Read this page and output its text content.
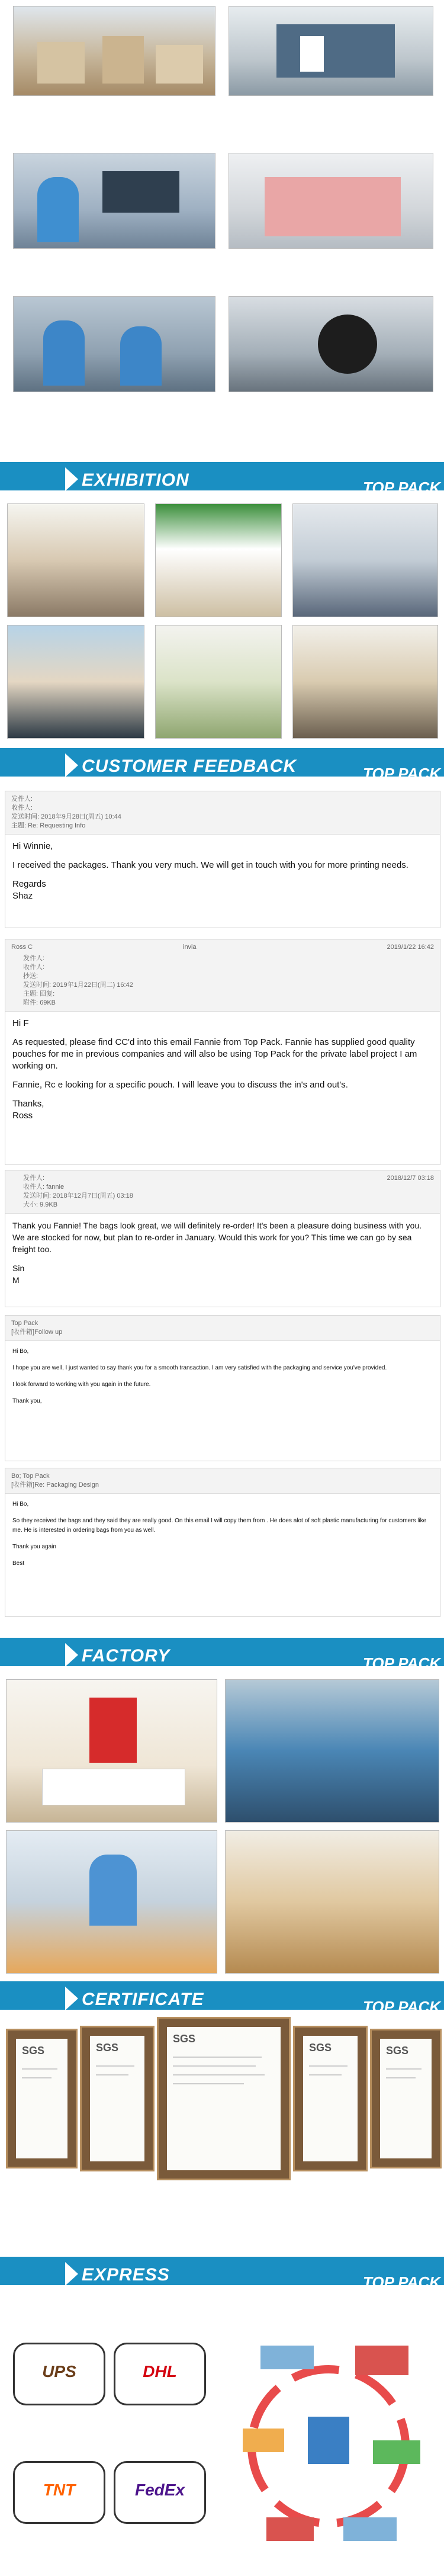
EXHIBITION	TOP PACK
CUSTOMER FEEDBACK	TOP PACK
发件人:
收件人:
发送时间: 2018年9月28日(周五) 10:44
主题: Re: Requesting Info

Hi Winnie,

I received the packages. Thank you very much. We will get in touch with you for more printing needs.

Regards

Shaz

Ross C	invia	2019/1/22 16:42
发件人:
收件人:
抄送:
发送时间: 2019年1月22日(周二) 16:42
主题: 回复:
附件: 69KB

Hi F

As requested, please find CC'd into this email Fannie from Top Pack. Fannie has supplied good quality pouches for me in previous companies and will also be using Top Pack for the private label project I am working on.

Fannie, Rc e looking for a specific pouch. I will leave you to discuss the in's and out's.

Thanks,

Ross

2018/12/7 03:18
发件人:
收件人: fannie
发送时间: 2018年12月7日(周五) 03:18
大小: 9.9KB

Thank you Fannie! The bags look great, we will definitely re-order! It's been a pleasure doing business with you. We are stocked for now, but plan to re-order in January. Would this work for you? This time we can go by sea freight too.

Sin

M

Top Pack
[收件箱]Follow up

Hi Bo,

I hope you are well, I just wanted to say thank you for a smooth transaction. I am very satisfied with the packaging and service you've provided.

I look forward to working with you again in the future.

Thank you,

Bo; Top Pack
[收件箱]Re: Packaging Design

Hi Bo,

So they received the bags and they said they are really good. On this email I will copy them from . He does alot of soft plastic manufacturing for customers like me. He is interested in ordering bags from you as well.

Thank you again

Best

FACTORY	TOP PACK
CERTIFICATE	TOP PACK
SGS	SGS
SGS
SGS	SGS
EXPRESS	TOP PACK
UPS	DHL
TNT	FedEx
